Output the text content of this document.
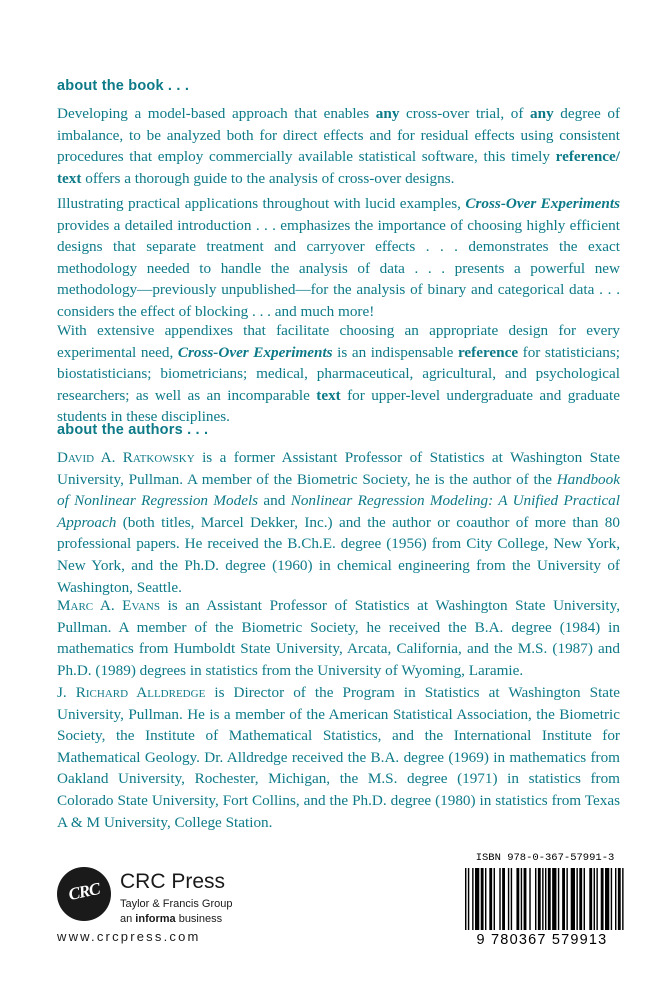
about the book . . .
Developing a model-based approach that enables any cross-over trial, of any degree of imbalance, to be analyzed both for direct effects and for residual effects using consistent procedures that employ commercially available statistical software, this timely reference/ text offers a thorough guide to the analysis of cross-over designs.
Illustrating practical applications throughout with lucid examples, Cross-Over Experiments provides a detailed introduction . . . emphasizes the importance of choosing highly efficient designs that separate treatment and carryover effects . . . demonstrates the exact methodology needed to handle the analysis of data . . . presents a powerful new methodology—previously unpublished—for the analysis of binary and categorical data . . . considers the effect of blocking . . . and much more!
With extensive appendixes that facilitate choosing an appropriate design for every experimental need, Cross-Over Experiments is an indispensable reference for statisticians; biostatisticians; biometricians; medical, pharmaceutical, agricultural, and psychological researchers; as well as an incomparable text for upper-level undergraduate and graduate students in these disciplines.
about the authors . . .
David A. Ratkowsky is a former Assistant Professor of Statistics at Washington State University, Pullman. A member of the Biometric Society, he is the author of the Handbook of Nonlinear Regression Models and Nonlinear Regression Modeling: A Unified Practical Approach (both titles, Marcel Dekker, Inc.) and the author or coauthor of more than 80 professional papers. He received the B.Ch.E. degree (1956) from City College, New York, New York, and the Ph.D. degree (1960) in chemical engineering from the University of Washington, Seattle.
Marc A. Evans is an Assistant Professor of Statistics at Washington State University, Pullman. A member of the Biometric Society, he received the B.A. degree (1984) in mathematics from Humboldt State University, Arcata, California, and the M.S. (1987) and Ph.D. (1989) degrees in statistics from the University of Wyoming, Laramie.
J. Richard Alldredge is Director of the Program in Statistics at Washington State University, Pullman. He is a member of the American Statistical Association, the Biometric Society, the Institute of Mathematical Statistics, and the International Institute for Mathematical Geology. Dr. Alldredge received the B.A. degree (1969) in mathematics from Oakland University, Rochester, Michigan, the M.S. degree (1971) in statistics from Colorado State University, Fort Collins, and the Ph.D. degree (1980) in statistics from Texas A & M University, College Station.
CRC CRC Press
Taylor & Francis Group
an informa business
www.crcpress.com
ISBN 978-0-367-57991-3
9 780367 579913
